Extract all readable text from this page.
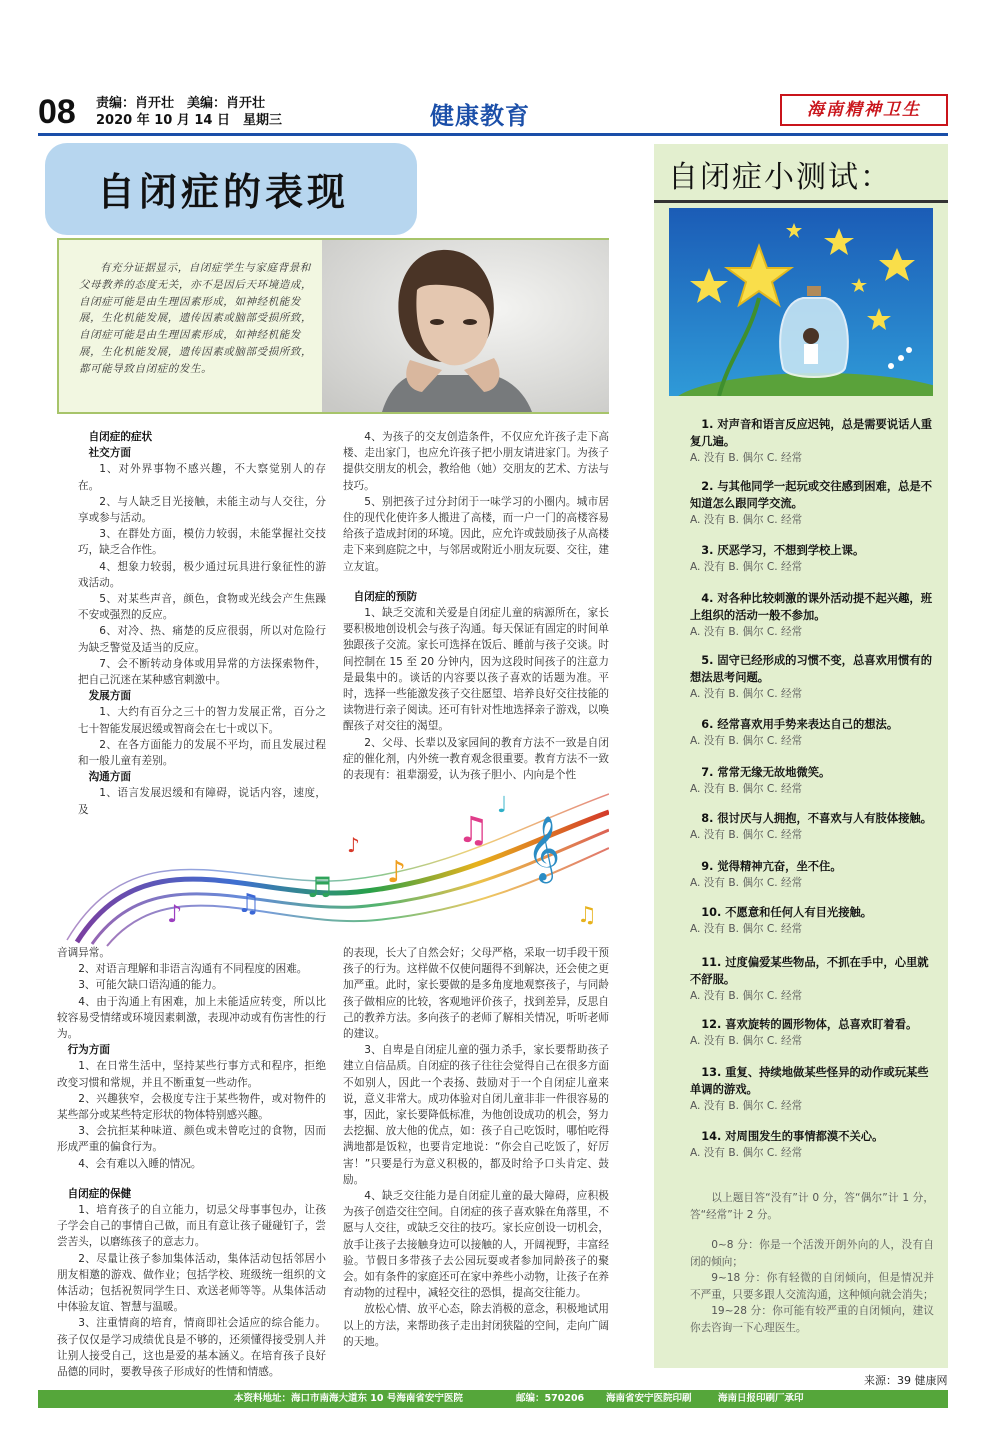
08 责编：肖开壮　美编：肖开壮
2020 年 10 月 14 日　星期三	健康教育	海南精神卫生
自闭症的表现
有充分证据显示，自闭症学生与家庭背景和父母教养的态度无关，亦不是因后天环境造成，自闭症可能是由生理因素形成，如神经机能发展，生化机能发展，遗传因素或脑部受损所致，自闭症可能是由生理因素形成，如神经机能发展，生化机能发展，遗传因素或脑部受损所致，都可能导致自闭症的发生。

自闭症的症状

社交方面

1、对外界事物不感兴趣，不大察觉别人的存在。

2、与人缺乏目光接触，未能主动与人交往，分享或参与活动。

3、在群处方面，模仿力较弱，未能掌握社交技巧，缺乏合作性。

4、想象力较弱，极少通过玩具进行象征性的游戏活动。

5、对某些声音，颜色，食物或光线会产生焦躁不安或强烈的反应。

6、对冷、热、痛楚的反应很弱，所以对危险行为缺乏警觉及适当的反应。

7、会不断转动身体或用异常的方法探索物件，把自己沉迷在某种感官刺激中。

发展方面

1、大约有百分之三十的智力发展正常，百分之七十智能发展迟缓或智商会在七十或以下。

2、在各方面能力的发展不平均，而且发展过程和一般儿童有差别。

沟通方面

1、语言发展迟缓和有障碍，说话内容，速度，及

4、为孩子的交友创造条件，不仅应允许孩子走下高楼、走出家门，也应允许孩子把小朋友请进家门。为孩子提供交朋友的机会，教给他（她）交朋友的艺术、方法与技巧。

5、别把孩子过分封闭于一味学习的小圈内。城市居住的现代化使许多人搬进了高楼，而一户一门的高楼容易给孩子造成封闭的环境。因此，应允许或鼓励孩子从高楼走下来到庭院之中，与邻居或附近小朋友玩耍、交往，建立友谊。

自闭症的预防

1、缺乏交流和关爱是自闭症儿童的病源所在，家长要积极地创设机会与孩子沟通。每天保证有固定的时间单独跟孩子交流。家长可选择在饭后、睡前与孩子交谈。时间控制在 15 至 20 分钟内，因为这段时间孩子的注意力是最集中的。谈话的内容要以孩子喜欢的话题为准。平时，选择一些能激发孩子交往愿望、培养良好交往技能的读物进行亲子阅读。还可有针对性地选择亲子游戏，以唤醒孩子对交往的渴望。

2、父母、长辈以及家园间的教育方法不一致是自闭症的催化剂，内外统一教育观念很重要。教育方法不一致的表现有：祖辈溺爱，认为孩子胆小、内向是个性

𝄞
♫
♪
♬
♫
♪
♩
♪
♫

音调异常。

2、对语言理解和非语言沟通有不同程度的困难。

3、可能欠缺口语沟通的能力。

4、由于沟通上有困难，加上未能适应转变，所以比较容易受情绪或环境因素刺激，表现冲动或有伤害性的行为。

行为方面

1、在日常生活中，坚持某些行事方式和程序，拒绝改变习惯和常规，并且不断重复一些动作。

2、兴趣狭窄，会极度专注于某些物件，或对物件的某些部分或某些特定形状的物体特别感兴趣。

3、会抗拒某种味道、颜色或未曾吃过的食物，因而形成严重的偏食行为。

4、会有难以入睡的情况。

自闭症的保健

1、培育孩子的自立能力，切忌父母事事包办，让孩子学会自己的事情自己做，而且有意让孩子碰碰钉子，尝尝苦头，以磨练孩子的意志力。

2、尽量让孩子参加集体活动，集体活动包括邻居小朋友相邀的游戏、做作业；包括学校、班级统一组织的文体活动；包括祝贺同学生日、欢送老师等等。从集体活动中体验友谊、智慧与温暖。

3、注重情商的培育，情商即社会适应的综合能力。孩子仅仅是学习成绩优良是不够的，还须懂得接受别人并让别人接受自己，这也是爱的基本涵义。在培育孩子良好品德的同时，要教导孩子形成好的性情和情感。

的表现，长大了自然会好；父母严格，采取一切手段干预孩子的行为。这样做不仅使问题得不到解决，还会使之更加严重。此时，家长要做的是多角度地观察孩子，与同龄孩子做相应的比较，客观地评价孩子，找到差异，反思自己的教养方法。多向孩子的老师了解相关情况，听听老师的建议。

3、自卑是自闭症儿童的强力杀手，家长要帮助孩子建立自信品质。自闭症的孩子往往会觉得自己在很多方面不如别人，因此一个表扬、鼓励对于一个自闭症儿童来说，意义非常大。成功体验对自闭儿童非非一件很容易的事，因此，家长要降低标准，为他创设成功的机会，努力去挖掘、放大他的优点，如：孩子自己吃饭时，哪怕吃得满地都是饭粒，也要肯定地说：“你会自己吃饭了，好厉害！”只要是行为意义积极的，都及时给予口头肯定、鼓励。

4、缺乏交往能力是自闭症儿童的最大障碍，应积极为孩子创造交往空间。自闭症的孩子喜欢躲在角落里，不愿与人交往，或缺乏交往的技巧。家长应创设一切机会，放手让孩子去接触身边可以接触的人，开阔视野，丰富经验。节假日多带孩子去公园玩耍或者参加同龄孩子的聚会。如有条件的家庭还可在家中养些小动物，让孩子在养育动物的过程中，减轻交往的恐惧，提高交往能力。

放松心情、放平心态，除去消极的意念，积极地试用以上的方法，来帮助孩子走出封闭狭隘的空间，走向广阔的天地。

自闭症小测试：
1. 对声音和语言反应迟钝，总是需要说话人重复几遍。
A. 没有 B. 偶尔 C. 经常
2. 与其他同学一起玩或交往感到困难，总是不知道怎么跟同学交流。
A. 没有 B. 偶尔 C. 经常
3. 厌恶学习，不想到学校上课。
A. 没有 B. 偶尔 C. 经常
4. 对各种比较刺激的课外活动提不起兴趣，班上组织的活动一般不参加。
A. 没有 B. 偶尔 C. 经常
5. 固守已经形成的习惯不变，总喜欢用惯有的想法思考问题。
A. 没有 B. 偶尔 C. 经常
6. 经常喜欢用手势来表达自己的想法。
A. 没有 B. 偶尔 C. 经常
7. 常常无缘无故地微笑。
A. 没有 B. 偶尔 C. 经常
8. 很讨厌与人拥抱，不喜欢与人有肢体接触。
A. 没有 B. 偶尔 C. 经常
9. 觉得精神亢奋，坐不住。
A. 没有 B. 偶尔 C. 经常
10. 不愿意和任何人有目光接触。
A. 没有 B. 偶尔 C. 经常
11. 过度偏爱某些物品，不抓在手中，心里就不舒服。
A. 没有 B. 偶尔 C. 经常
12. 喜欢旋转的圆形物体，总喜欢盯着看。
A. 没有 B. 偶尔 C. 经常
13. 重复、持续地做某些怪异的动作或玩某些单调的游戏。
A. 没有 B. 偶尔 C. 经常
14. 对周围发生的事情都漠不关心。
A. 没有 B. 偶尔 C. 经常

以上题目答“没有”计 0 分，答“偶尔”计 1 分，答“经常”计 2 分。

0~8 分：你是一个活泼开朗外向的人，没有自闭的倾向；

9~18 分：你有轻微的自闭倾向，但是情况并不严重，只要多跟人交流沟通，这种倾向就会消失；

19~28 分：你可能有较严重的自闭倾向，建议你去咨询一下心理医生。

来源：39 健康网
本资料地址：海口市南海大道东 10 号海南省安宁医院	邮编：570206 海南省安宁医院印刷	海南日报印刷厂承印
